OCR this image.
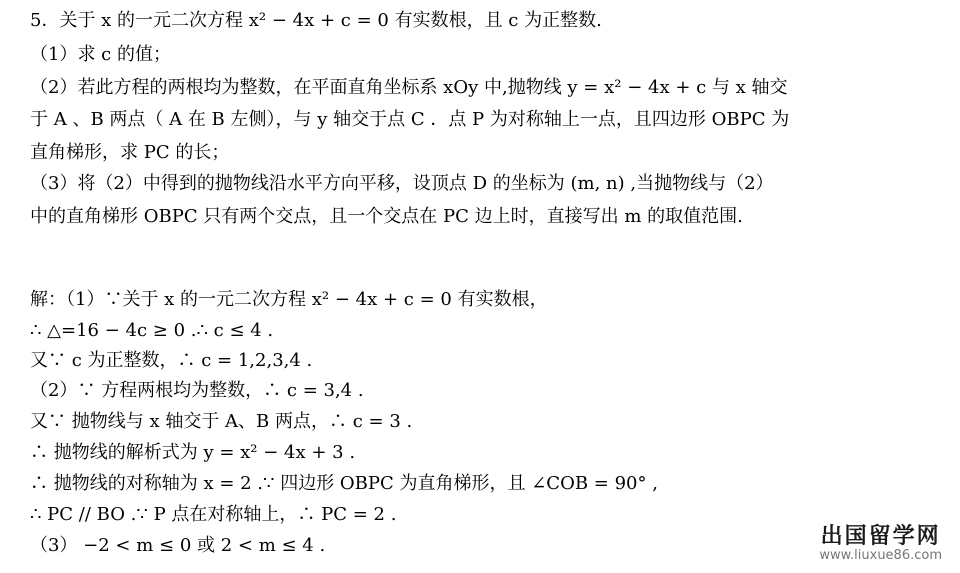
5．关于 x 的一元二次方程 x² − 4x + c = 0 有实数根，且 c 为正整数.
（1）求 c 的值；
（2）若此方程的两根均为整数，在平面直角坐标系 xOy 中,抛物线 y = x² − 4x + c 与 x 轴交
于 A 、B 两点（ A 在 B 左侧），与 y 轴交于点 C ．点 P 为对称轴上一点，且四边形 OBPC 为
直角梯形，求 PC 的长；
（3）将（2）中得到的抛物线沿水平方向平移，设顶点 D 的坐标为 (m, n) ,当抛物线与（2）
中的直角梯形 OBPC 只有两个交点，且一个交点在 PC 边上时，直接写出 m 的取值范围.
解：（1）∵关于 x 的一元二次方程 x² − 4x + c = 0 有实数根，
∴ △=16 − 4c ≥ 0 .∴ c ≤ 4 .
又∵ c 为正整数，∴ c = 1,2,3,4 .
（2）∵ 方程两根均为整数，∴ c = 3,4 .
又∵ 抛物线与 x 轴交于 A、B 两点，∴ c = 3 .
∴ 抛物线的解析式为 y = x² − 4x + 3 .
∴ 抛物线的对称轴为 x = 2 .∵ 四边形 OBPC 为直角梯形，且 ∠COB = 90° ,
∴ PC // BO .∵ P 点在对称轴上，∴ PC = 2 .
（3） −2 < m ≤ 0 或 2 < m ≤ 4 .	出国留学网
www.liuxue86.com
